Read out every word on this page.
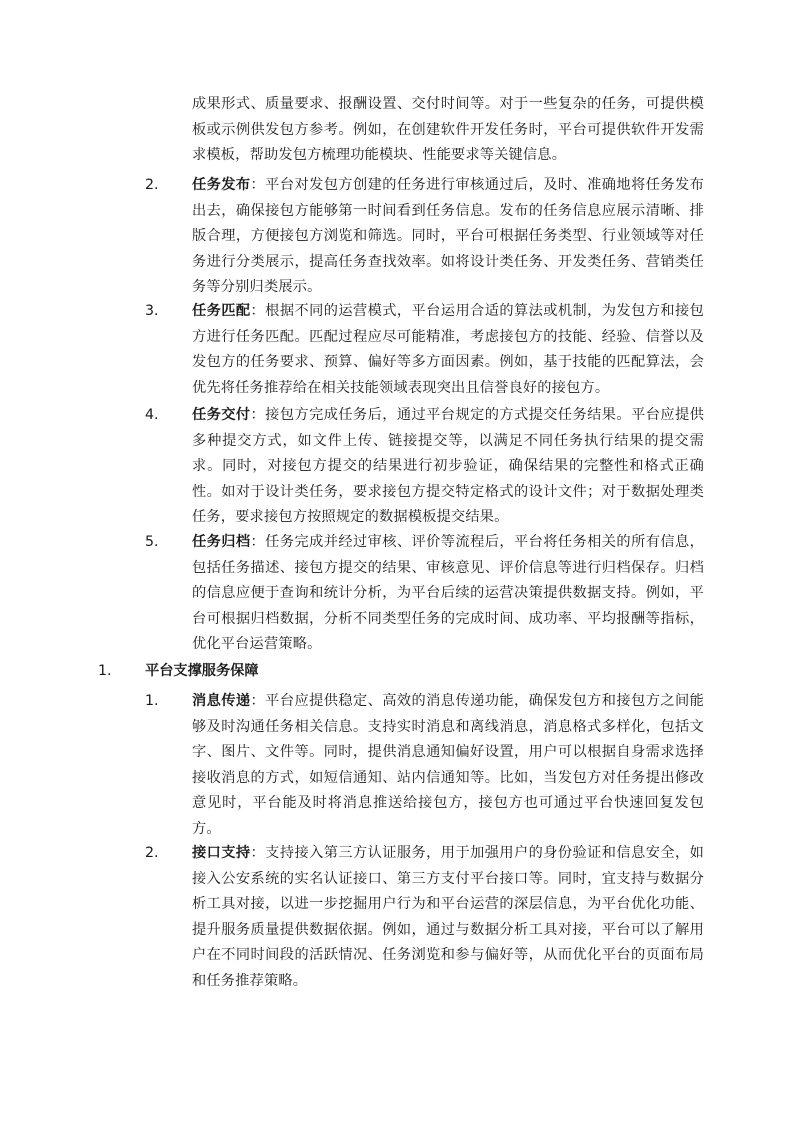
成果形式、质量要求、报酬设置、交付时间等。对于一些复杂的任务，可提供模板或示例供发包方参考。例如，在创建软件开发任务时，平台可提供软件开发需求模板，帮助发包方梳理功能模块、性能要求等关键信息。
2. 任务发布：平台对发包方创建的任务进行审核通过后，及时、准确地将任务发布出去，确保接包方能够第一时间看到任务信息。发布的任务信息应展示清晰、排版合理，方便接包方浏览和筛选。同时，平台可根据任务类型、行业领域等对任务进行分类展示，提高任务查找效率。如将设计类任务、开发类任务、营销类任务等分别归类展示。
3. 任务匹配：根据不同的运营模式，平台运用合适的算法或机制，为发包方和接包方进行任务匹配。匹配过程应尽可能精准，考虑接包方的技能、经验、信誉以及发包方的任务要求、预算、偏好等多方面因素。例如，基于技能的匹配算法，会优先将任务推荐给在相关技能领域表现突出且信誉良好的接包方。
4. 任务交付：接包方完成任务后，通过平台规定的方式提交任务结果。平台应提供多种提交方式，如文件上传、链接提交等，以满足不同任务执行结果的提交需求。同时，对接包方提交的结果进行初步验证，确保结果的完整性和格式正确性。如对于设计类任务，要求接包方提交特定格式的设计文件；对于数据处理类任务，要求接包方按照规定的数据模板提交结果。
5. 任务归档：任务完成并经过审核、评价等流程后，平台将任务相关的所有信息，包括任务描述、接包方提交的结果、审核意见、评价信息等进行归档保存。归档的信息应便于查询和统计分析，为平台后续的运营决策提供数据支持。例如，平台可根据归档数据，分析不同类型任务的完成时间、成功率、平均报酬等指标，优化平台运营策略。
1. 平台支撑服务保障
1. 消息传递：平台应提供稳定、高效的消息传递功能，确保发包方和接包方之间能够及时沟通任务相关信息。支持实时消息和离线消息，消息格式多样化，包括文字、图片、文件等。同时，提供消息通知偏好设置，用户可以根据自身需求选择接收消息的方式，如短信通知、站内信通知等。比如，当发包方对任务提出修改意见时，平台能及时将消息推送给接包方，接包方也可通过平台快速回复发包方。
2. 接口支持：支持接入第三方认证服务，用于加强用户的身份验证和信息安全，如接入公安系统的实名认证接口、第三方支付平台接口等。同时，宜支持与数据分析工具对接，以进一步挖掘用户行为和平台运营的深层信息，为平台优化功能、提升服务质量提供数据依据。例如，通过与数据分析工具对接，平台可以了解用户在不同时间段的活跃情况、任务浏览和参与偏好等，从而优化平台的页面布局和任务推荐策略。
